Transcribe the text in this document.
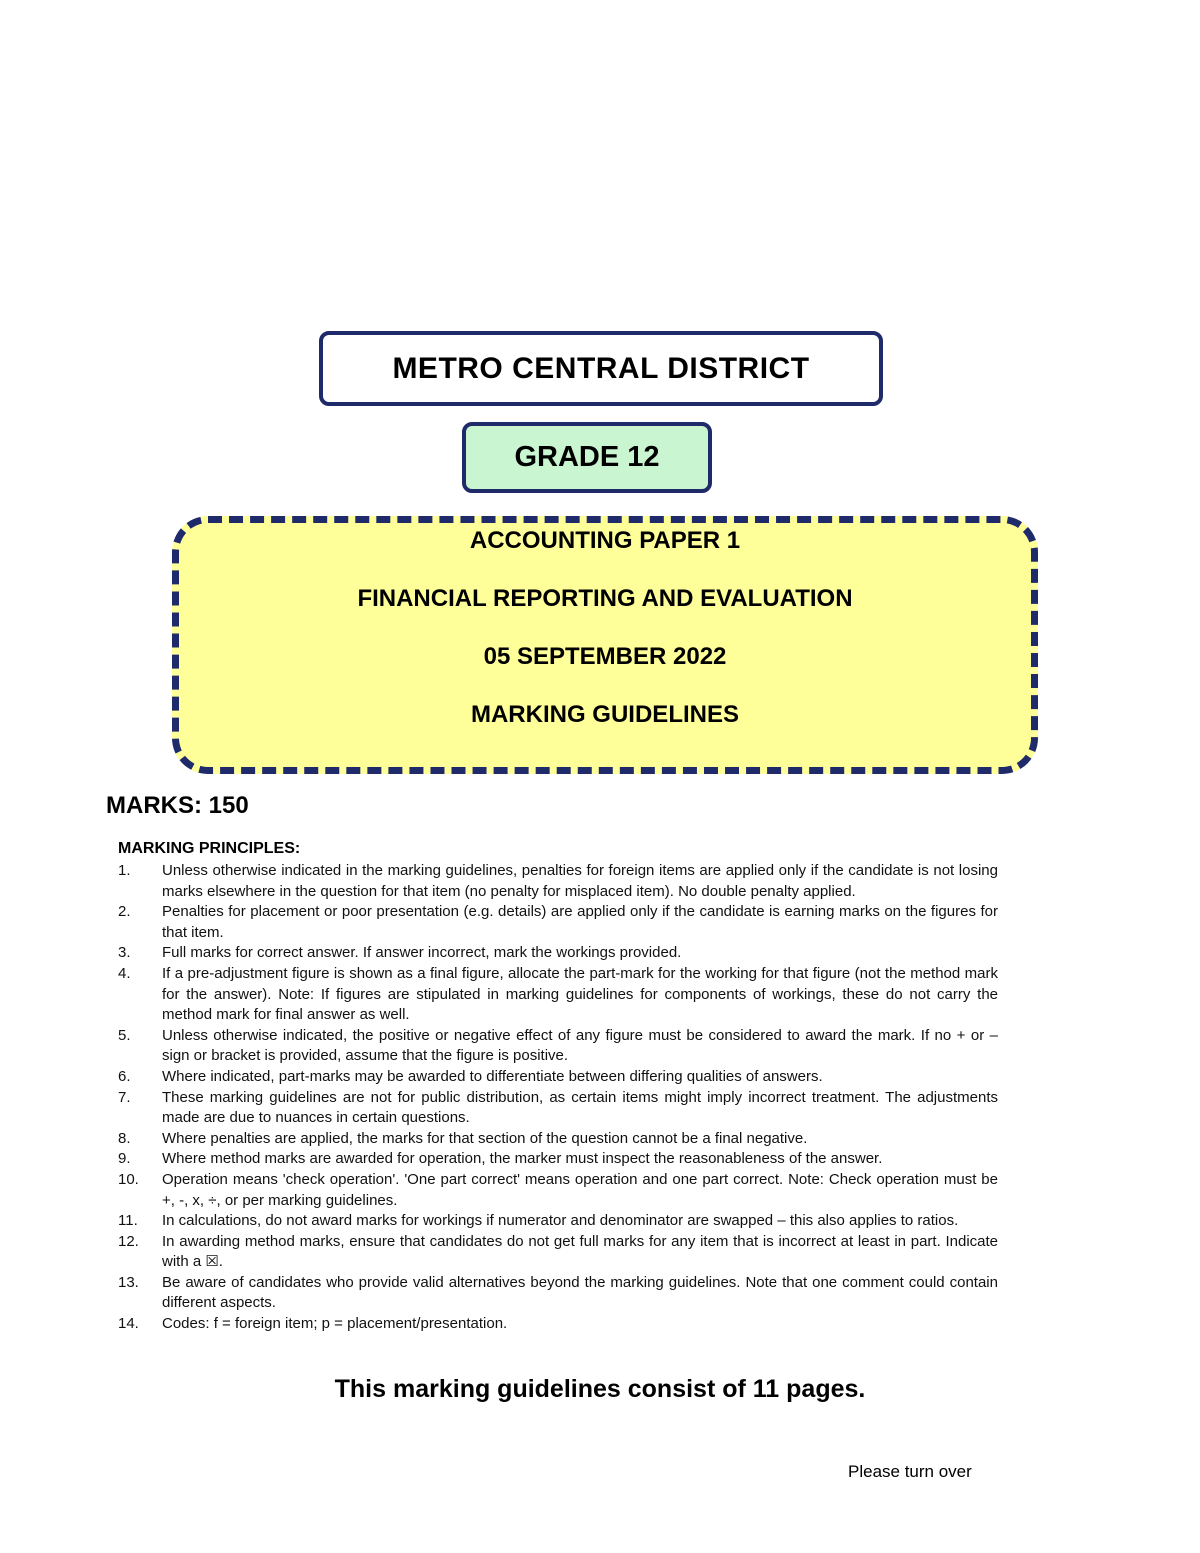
METRO CENTRAL DISTRICT
GRADE 12
ACCOUNTING PAPER 1
FINANCIAL REPORTING AND EVALUATION
05 SEPTEMBER 2022
MARKING GUIDELINES
MARKS: 150
MARKING PRINCIPLES:
1. Unless otherwise indicated in the marking guidelines, penalties for foreign items are applied only if the candidate is not losing marks elsewhere in the question for that item (no penalty for misplaced item). No double penalty applied.
2. Penalties for placement or poor presentation (e.g. details) are applied only if the candidate is earning marks on the figures for that item.
3. Full marks for correct answer. If answer incorrect, mark the workings provided.
4. If a pre-adjustment figure is shown as a final figure, allocate the part-mark for the working for that figure (not the method mark for the answer). Note: If figures are stipulated in marking guidelines for components of workings, these do not carry the method mark for final answer as well.
5. Unless otherwise indicated, the positive or negative effect of any figure must be considered to award the mark. If no + or – sign or bracket is provided, assume that the figure is positive.
6. Where indicated, part-marks may be awarded to differentiate between differing qualities of answers.
7. These marking guidelines are not for public distribution, as certain items might imply incorrect treatment. The adjustments made are due to nuances in certain questions.
8. Where penalties are applied, the marks for that section of the question cannot be a final negative.
9. Where method marks are awarded for operation, the marker must inspect the reasonableness of the answer.
10. Operation means 'check operation'. 'One part correct' means operation and one part correct. Note: Check operation must be +, -, x, ÷, or per marking guidelines.
11. In calculations, do not award marks for workings if numerator and denominator are swapped – this also applies to ratios.
12. In awarding method marks, ensure that candidates do not get full marks for any item that is incorrect at least in part. Indicate with a ☒.
13. Be aware of candidates who provide valid alternatives beyond the marking guidelines. Note that one comment could contain different aspects.
14. Codes: f = foreign item; p = placement/presentation.
This marking guidelines consist of 11 pages.
Please turn over
